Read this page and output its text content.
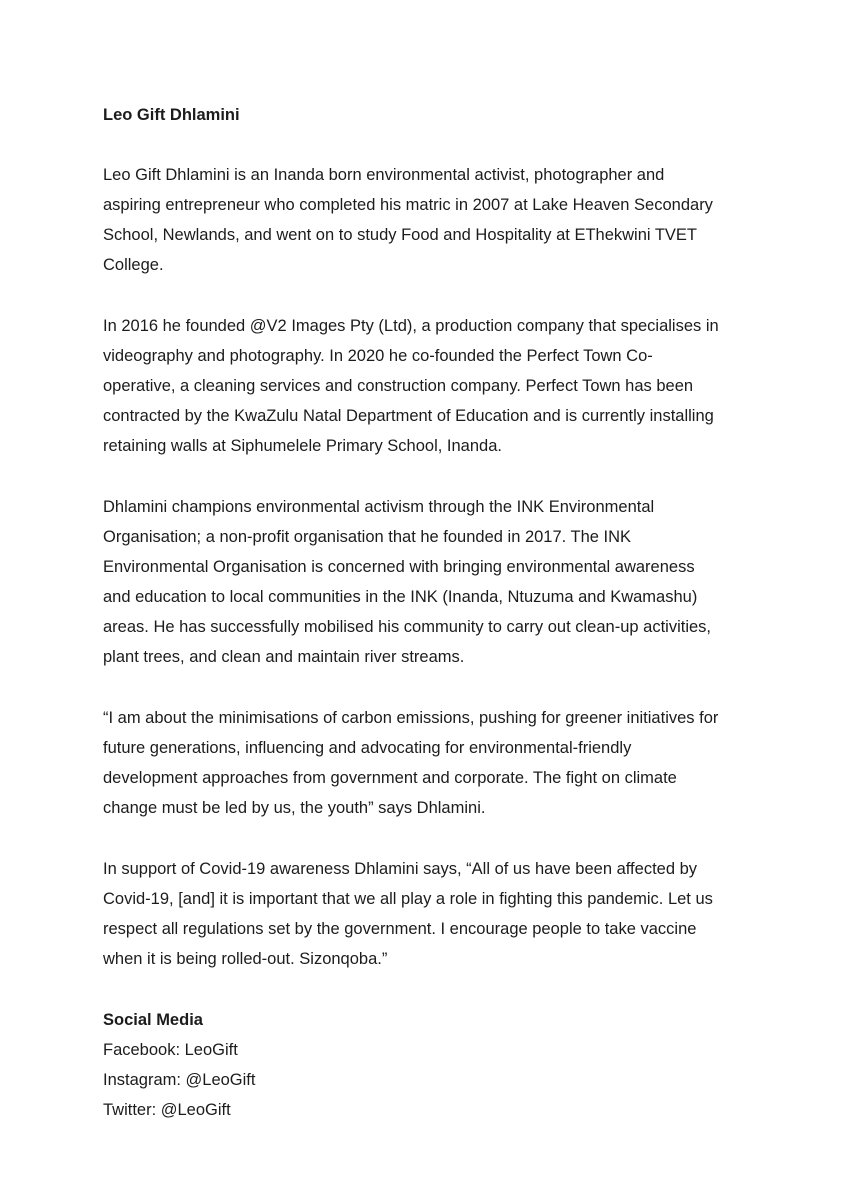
Leo Gift Dhlamini
Leo Gift Dhlamini is an Inanda born environmental activist, photographer and
aspiring entrepreneur who completed his matric in 2007 at Lake Heaven Secondary
School, Newlands, and went on to study Food and Hospitality at EThekwini TVET
College.
In 2016 he founded @V2 Images Pty (Ltd), a production company that specialises in
videography and photography. In 2020 he co-founded the Perfect Town Co-
operative, a cleaning services and construction company. Perfect Town has been
contracted by the KwaZulu Natal Department of Education and is currently installing
retaining walls at Siphumelele Primary School, Inanda.
Dhlamini champions environmental activism through the INK Environmental
Organisation; a non-profit organisation that he founded in 2017. The INK
Environmental Organisation is concerned with bringing environmental awareness
and education to local communities in the INK (Inanda, Ntuzuma and Kwamashu)
areas. He has successfully mobilised his community to carry out clean-up activities,
plant trees, and clean and maintain river streams.
“I am about the minimisations of carbon emissions, pushing for greener initiatives for
future generations, influencing and advocating for environmental-friendly
development approaches from government and corporate. The fight on climate
change must be led by us, the youth” says Dhlamini.
In support of Covid-19 awareness Dhlamini says, “All of us have been affected by
Covid-19, [and] it is important that we all play a role in fighting this pandemic. Let us
respect all regulations set by the government. I encourage people to take vaccine
when it is being rolled-out. Sizonqoba.”
Social Media
Facebook: LeoGift
Instagram: @LeoGift
Twitter: @LeoGift
